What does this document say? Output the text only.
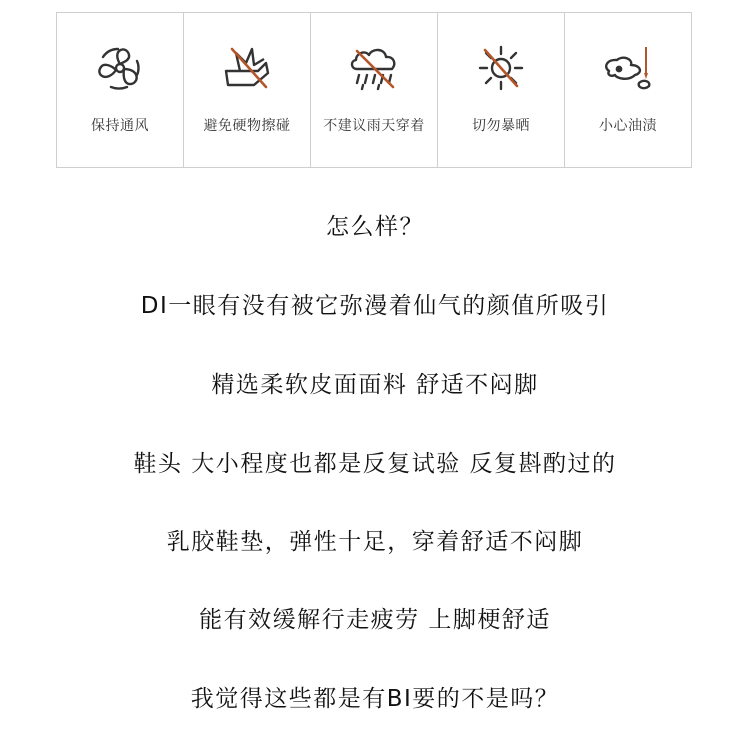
保持通风	避免硬物擦碰	不建议雨天穿着	切勿暴晒	小心油渍
怎么样？
DI一眼有没有被它弥漫着仙气的颜值所吸引
精选柔软皮面面料 舒适不闷脚
鞋头 大小程度也都是反复试验 反复斟酌过的
乳胶鞋垫，弹性十足，穿着舒适不闷脚
能有效缓解行走疲劳 上脚梗舒适
我觉得这些都是有BI要的不是吗？
